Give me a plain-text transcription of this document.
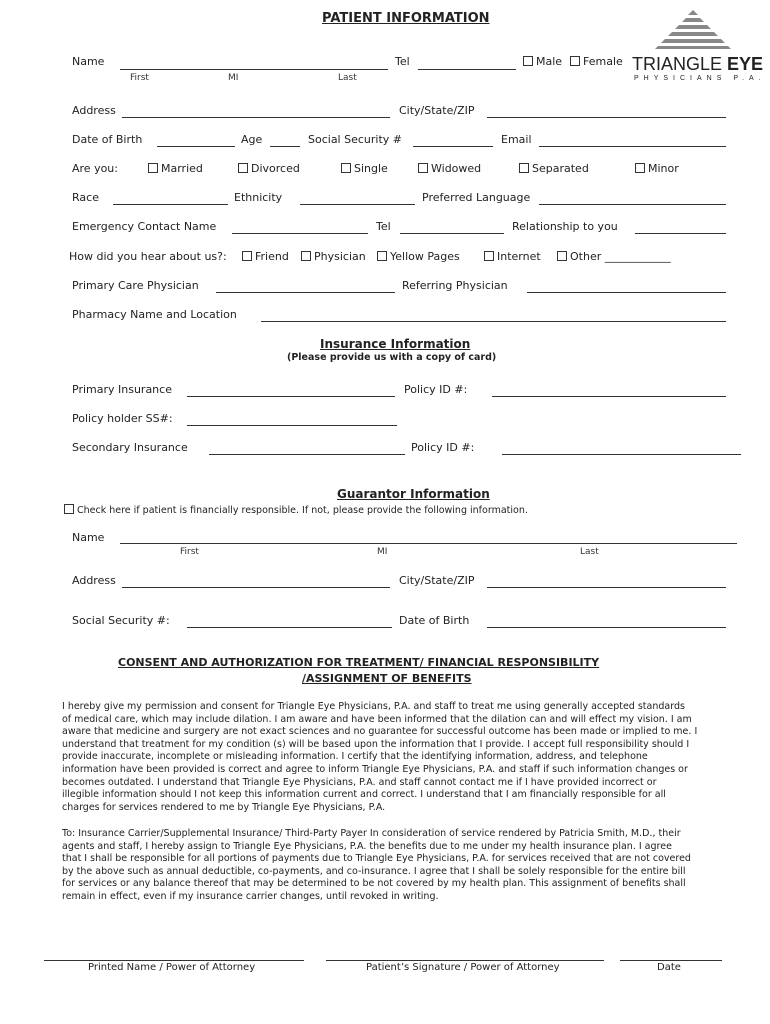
PATIENT INFORMATION
TRIANGLE EYE
PHYSICIANS P.A.
Name	Tel	Male	Female
First	MI	Last
Address	City/State/ZIP
Date of Birth	Age	Social Security #	Email
Are you:	Married	Divorced	Single	Widowed	Separated	Minor
Race	Ethnicity	Preferred Language
Emergency Contact Name	Tel	Relationship to you
How did you hear about us?:	Friend	Physician	Yellow Pages	Internet	Other ____________
Primary Care Physician	Referring Physician
Pharmacy Name and Location
Insurance Information
(Please provide us with a copy of card)
Primary Insurance	Policy ID #:
Policy holder SS#:
Secondary Insurance	Policy ID #:
Guarantor Information
Check here if patient is financially responsible. If not, please provide the following information.
Name
First	MI	Last
Address	City/State/ZIP
Social Security #:	Date of Birth
CONSENT AND AUTHORIZATION FOR TREATMENT/ FINANCIAL RESPONSIBILITY
/ASSIGNMENT OF BENEFITS
I hereby give my permission and consent for Triangle Eye Physicians, P.A. and staff to treat me using generally accepted standards
of medical care, which may include dilation. I am aware and have been informed that the dilation can and will effect my vision. I am
aware that medicine and surgery are not exact sciences and no guarantee for successful outcome has been made or implied to me. I
understand that treatment for my condition (s) will be based upon the information that I provide. I accept full responsibility should I
provide inaccurate, incomplete or misleading information. I certify that the identifying information, address, and telephone
information have been provided is correct and agree to inform Triangle Eye Physicians, P.A. and staff if such information changes or
becomes outdated. I understand that Triangle Eye Physicians, P.A. and staff cannot contact me if I have provided incorrect or
illegible information should I not keep this information current and correct. I understand that I am financially responsible for all
charges for services rendered to me by Triangle Eye Physicians, P.A.
To: Insurance Carrier/Supplemental Insurance/ Third-Party Payer In consideration of service rendered by Patricia Smith, M.D., their
agents and staff, I hereby assign to Triangle Eye Physicians, P.A. the benefits due to me under my health insurance plan. I agree
that I shall be responsible for all portions of payments due to Triangle Eye Physicians, P.A. for services received that are not covered
by the above such as annual deductible, co-payments, and co-insurance. I agree that I shall be solely responsible for the entire bill
for services or any balance thereof that may be determined to be not covered by my health plan. This assignment of benefits shall
remain in effect, even if my insurance carrier changes, until revoked in writing.
Printed Name / Power of Attorney	Patient’s Signature / Power of Attorney	Date
